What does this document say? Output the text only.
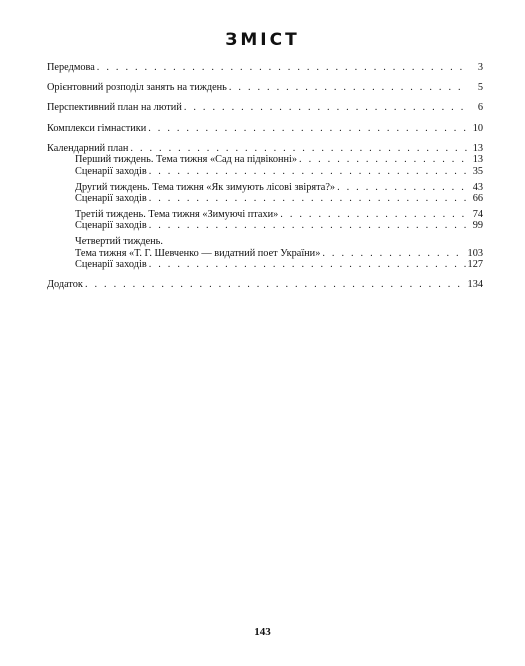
ЗМІСТ
Передмова . . .	3
Орієнтовний розподіл занять на тиждень . . .	5
Перспективний план на лютий . . .	6
Комплекси гімнастики . . .	10
Календарний план . . .	13
Перший тиждень. Тема тижня «Сад на підвіконні» . . .	13
Сценарії заходів . . .	35
Другий тиждень. Тема тижня «Як зимують лісові звірята?» . . .	43
Сценарії заходів . . .	66
Третій тиждень. Тема тижня «Зимуючі птахи» . . .	74
Сценарії заходів . . .	99
Четвертий тиждень.
Тема тижня «Т. Г. Шевченко — видатний поет України» . . .	103
Сценарії заходів . . .	127
Додаток . . .	134
143
